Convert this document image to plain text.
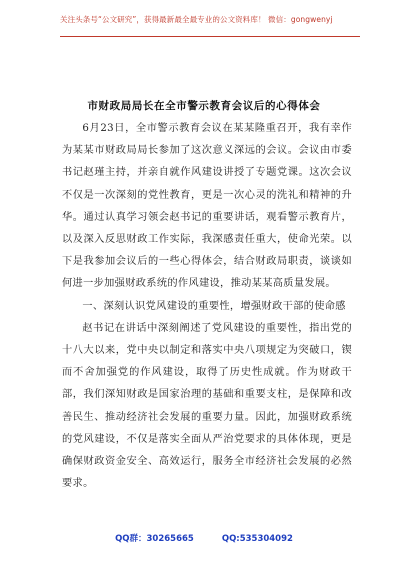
关注头条号“公文研究”，获得最新最全最专业的公文资料库！ 微信：gongwenyj
市财政局局长在全市警示教育会议后的心得体会

6月23日，全市警示教育会议在某某隆重召开，我有幸作为某某市财政局局长参加了这次意义深远的会议。会议由市委书记赵瑾主持，并亲自就作风建设讲授了专题党课。这次会议不仅是一次深刻的党性教育，更是一次心灵的洗礼和精神的升华。通过认真学习领会赵书记的重要讲话，观看警示教育片，以及深入反思财政工作实际，我深感责任重大，使命光荣。以下是我参加会议后的一些心得体会，结合财政局职责，谈谈如何进一步加强财政系统的作风建设，推动某某高质量发展。

一、深刻认识党风建设的重要性，增强财政干部的使命感

赵书记在讲话中深刻阐述了党风建设的重要性，指出党的十八大以来，党中央以制定和落实中央八项规定为突破口，锲而不舍加强党的作风建设，取得了历史性成就。作为财政干部，我们深知财政是国家治理的基础和重要支柱，是保障和改善民生、推动经济社会发展的重要力量。因此，加强财政系统的党风建设，不仅是落实全面从严治党要求的具体体现，更是确保财政资金安全、高效运行，服务全市经济社会发展的必然要求。

QQ群：30265665	QQ:535304092
